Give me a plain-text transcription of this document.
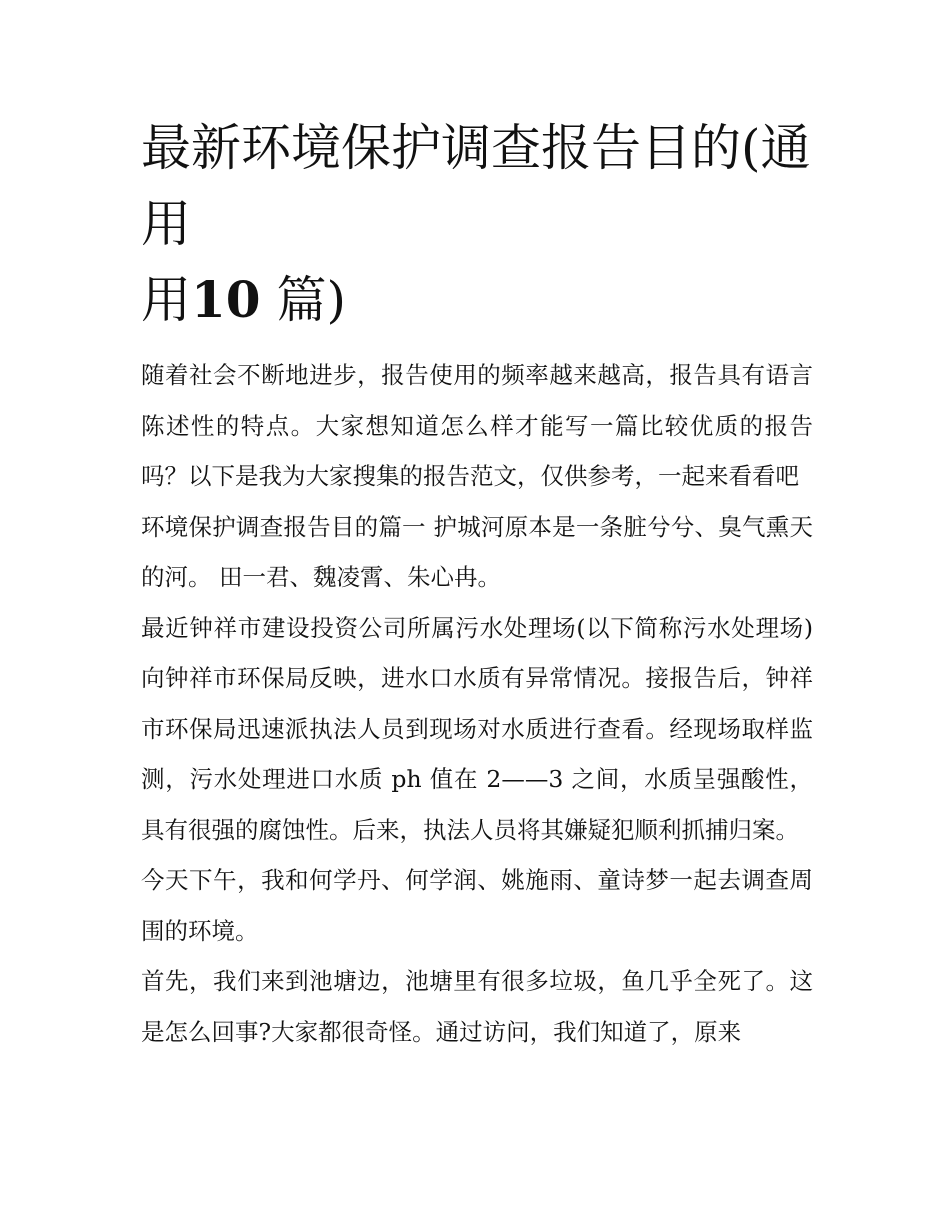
最新环境保护调查报告目的(通用
用10 篇)

随着社会不断地进步，报告使用的频率越来越高，报告具有语言陈述性的特点。大家想知道怎么样才能写一篇比较优质的报告吗？以下是我为大家搜集的报告范文，仅供参考，一起来看看吧

环境保护调查报告目的篇一 护城河原本是一条脏兮兮、臭气熏天的河。 田一君、魏凌霄、朱心冉。

最近钟祥市建设投资公司所属污水处理场(以下简称污水处理场)向钟祥市环保局反映，进水口水质有异常情况。接报告后，钟祥市环保局迅速派执法人员到现场对水质进行查看。经现场取样监测，污水处理进口水质 ph 值在 2——3 之间，水质呈强酸性，具有很强的腐蚀性。后来，执法人员将其嫌疑犯顺利抓捕归案。

今天下午，我和何学丹、何学润、姚施雨、童诗梦一起去调查周围的环境。

首先，我们来到池塘边，池塘里有很多垃圾，鱼几乎全死了。这是怎么回事?大家都很奇怪。通过访问，我们知道了，原来
